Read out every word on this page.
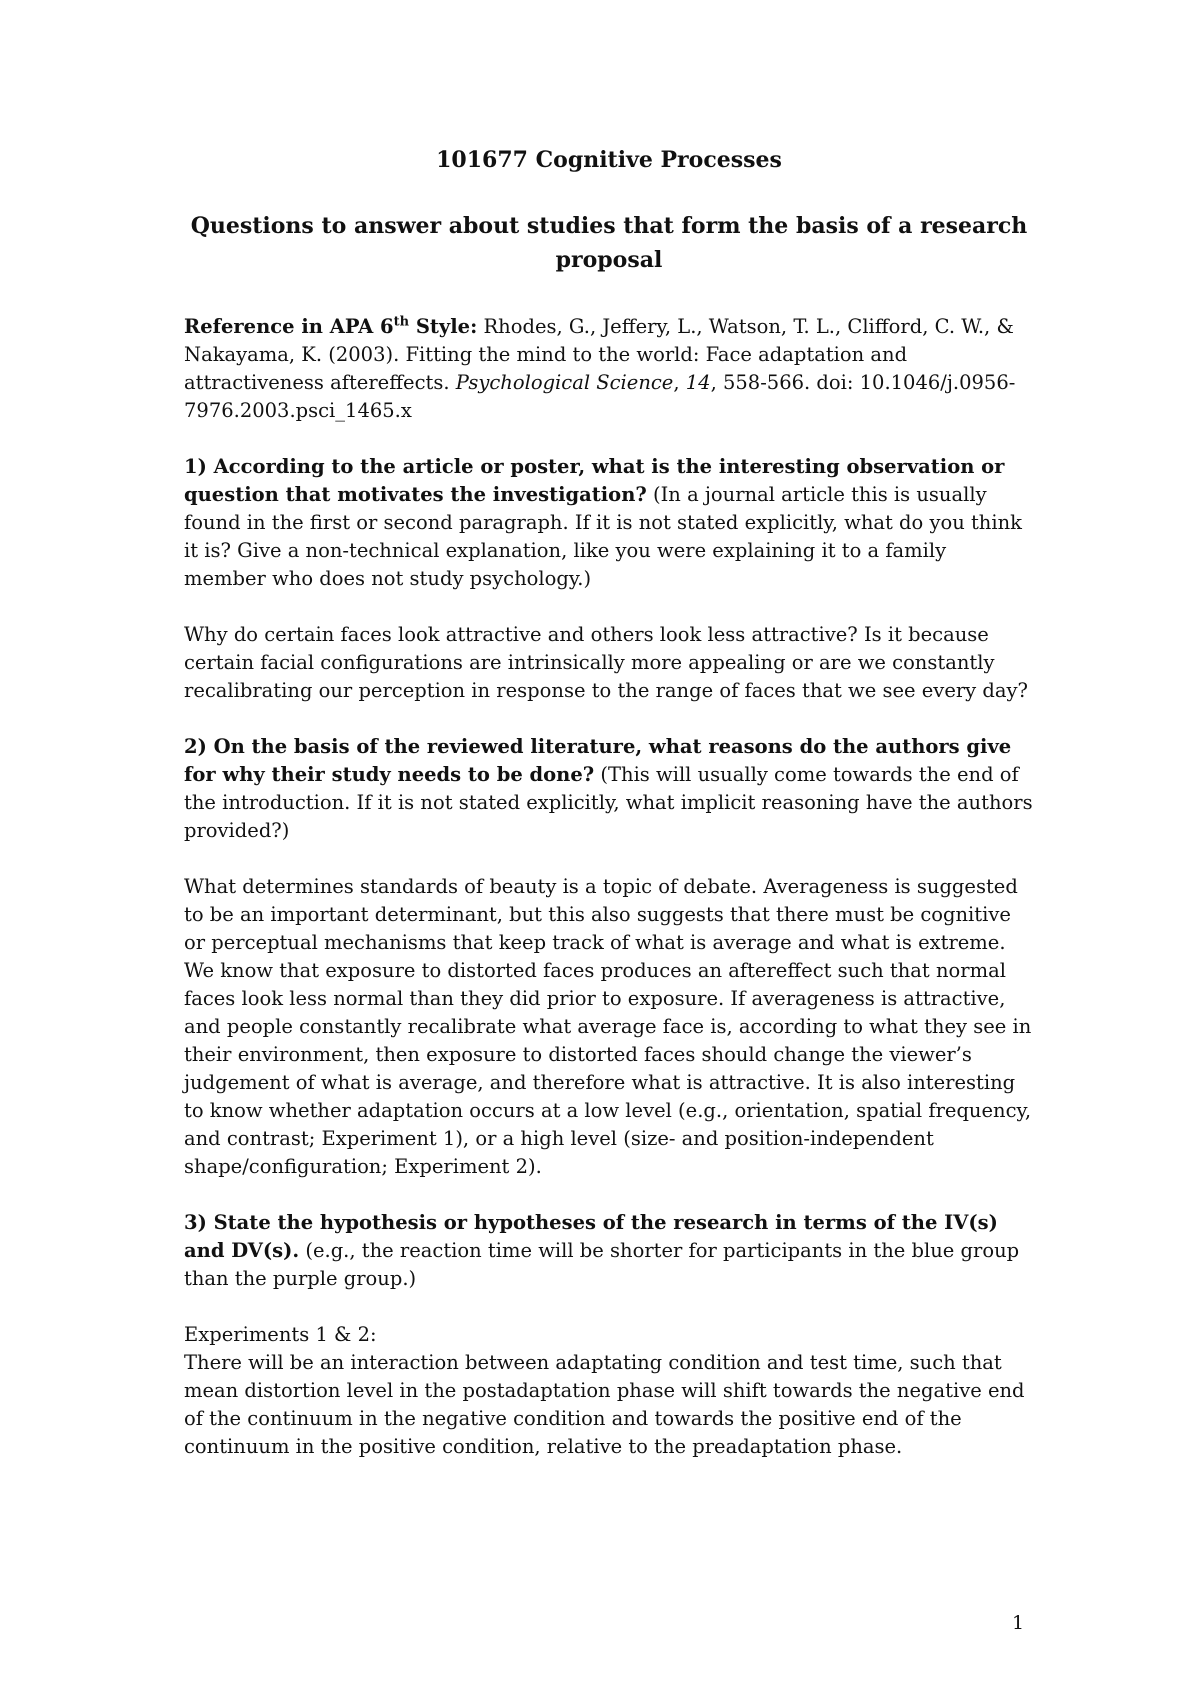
101677 Cognitive Processes
Questions to answer about studies that form the basis of a research proposal

Reference in APA 6th Style: Rhodes, G., Jeffery, L., Watson, T. L., Clifford, C. W., & Nakayama, K. (2003). Fitting the mind to the world: Face adaptation and attractiveness aftereffects. Psychological Science, 14, 558-566. doi: 10.1046/j.0956-7976.2003.psci_1465.x

1) According to the article or poster, what is the interesting observation or question that motivates the investigation? (In a journal article this is usually found in the first or second paragraph. If it is not stated explicitly, what do you think it is? Give a non-technical explanation, like you were explaining it to a family member who does not study psychology.)

Why do certain faces look attractive and others look less attractive? Is it because certain facial configurations are intrinsically more appealing or are we constantly recalibrating our perception in response to the range of faces that we see every day?

2) On the basis of the reviewed literature, what reasons do the authors give for why their study needs to be done? (This will usually come towards the end of the introduction. If it is not stated explicitly, what implicit reasoning have the authors provided?)

What determines standards of beauty is a topic of debate. Averageness is suggested to be an important determinant, but this also suggests that there must be cognitive or perceptual mechanisms that keep track of what is average and what is extreme. We know that exposure to distorted faces produces an aftereffect such that normal faces look less normal than they did prior to exposure. If averageness is attractive, and people constantly recalibrate what average face is, according to what they see in their environment, then exposure to distorted faces should change the viewer’s judgement of what is average, and therefore what is attractive. It is also interesting to know whether adaptation occurs at a low level (e.g., orientation, spatial frequency, and contrast; Experiment 1), or a high level (size- and position-independent shape/configuration; Experiment 2).

3) State the hypothesis or hypotheses of the research in terms of the IV(s) and DV(s). (e.g., the reaction time will be shorter for participants in the blue group than the purple group.)

Experiments 1 & 2:
There will be an interaction between adaptating condition and test time, such that mean distortion level in the postadaptation phase will shift towards the negative end of the continuum in the negative condition and towards the positive end of the continuum in the positive condition, relative to the preadaptation phase.

1
